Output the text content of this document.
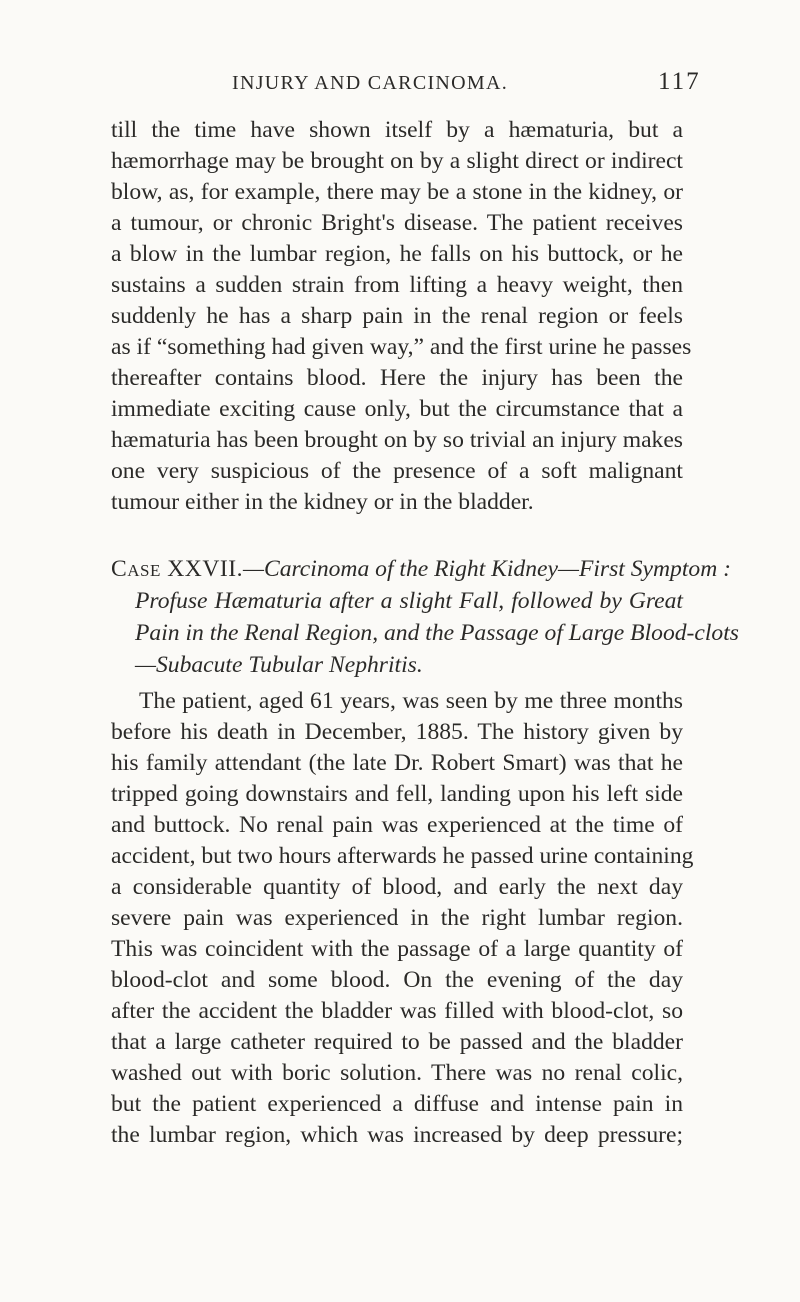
INJURY AND CARCINOMA.	117
till the time have shown itself by a hæmaturia, but a
hæmorrhage may be brought on by a slight direct or indirect
blow, as, for example, there may be a stone in the kidney, or
a tumour, or chronic Bright's disease. The patient receives
a blow in the lumbar region, he falls on his buttock, or he
sustains a sudden strain from lifting a heavy weight, then
suddenly he has a sharp pain in the renal region or feels
as if “something had given way,” and the first urine he passes
thereafter contains blood. Here the injury has been the
immediate exciting cause only, but the circumstance that a
hæmaturia has been brought on by so trivial an injury makes
one very suspicious of the presence of a soft malignant
tumour either in the kidney or in the bladder.
Case XXVII.—Carcinoma of the Right Kidney—First Symptom :
Profuse Hæmaturia after a slight Fall, followed by Great
Pain in the Renal Region, and the Passage of Large Blood-clots
—Subacute Tubular Nephritis.
The patient, aged 61 years, was seen by me three months
before his death in December, 1885. The history given by
his family attendant (the late Dr. Robert Smart) was that he
tripped going downstairs and fell, landing upon his left side
and buttock. No renal pain was experienced at the time of
accident, but two hours afterwards he passed urine containing
a considerable quantity of blood, and early the next day
severe pain was experienced in the right lumbar region.
This was coincident with the passage of a large quantity of
blood-clot and some blood. On the evening of the day
after the accident the bladder was filled with blood-clot, so
that a large catheter required to be passed and the bladder
washed out with boric solution. There was no renal colic,
but the patient experienced a diffuse and intense pain in
the lumbar region, which was increased by deep pressure;
